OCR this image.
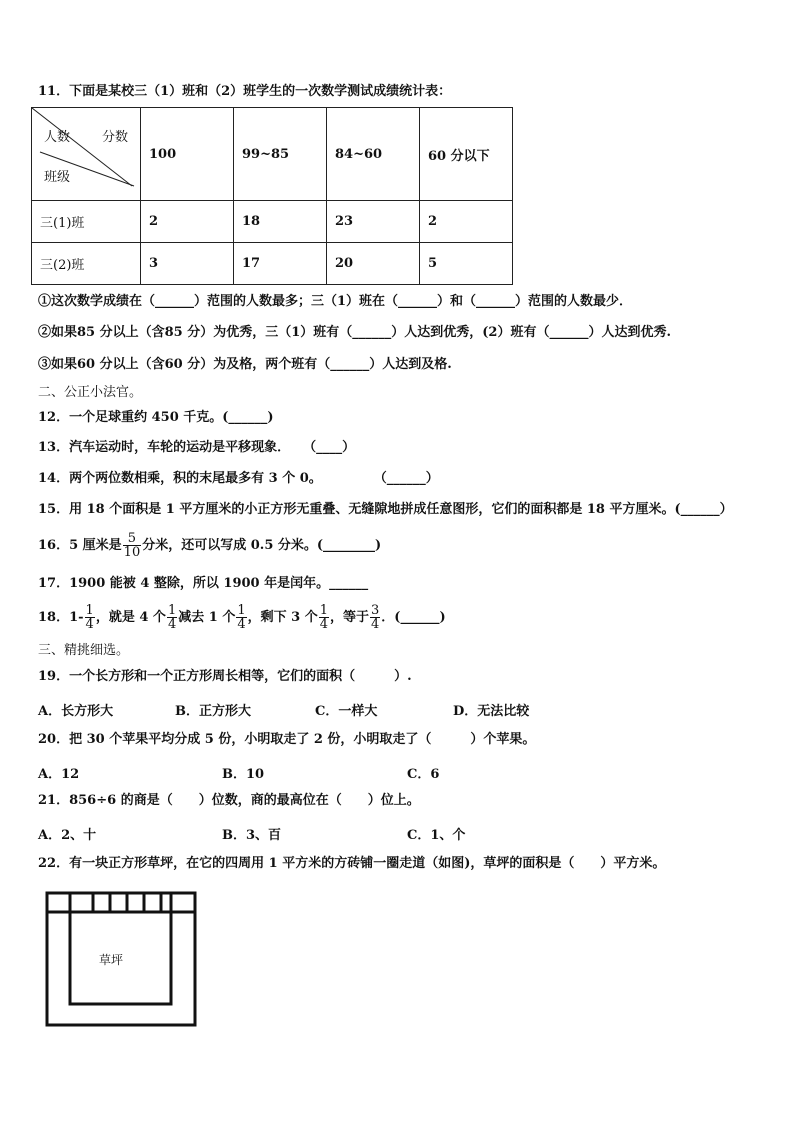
11．下面是某校三（1）班和（2）班学生的一次数学测试成绩统计表：
人数 分数
班级	100	99~85	84~60	60 分以下
三(1)班	2	18	23	2
三(2)班	3	17	20	5
①这次数学成绩在（______）范围的人数最多；三（1）班在（______）和（______）范围的人数最少．
②如果85 分以上（含85 分）为优秀，三（1）班有（______）人达到优秀，(2）班有（______）人达到优秀.
③如果60 分以上（含60 分）为及格，两个班有（______）人达到及格.
二、公正小法官。
12．一个足球重约 450 千克。(______)
13．汽车运动时，车轮的运动是平移现象．　　（____）
14．两个两位数相乘，积的末尾最多有 3 个 0。　　　　　（______）
15．用 18 个面积是 1 平方厘米的小正方形无重叠、无缝隙地拼成任意图形，它们的面积都是 18 平方厘米。(______）
16．5 厘米是 $\frac{5}{10}$ 分米，还可以写成 0.5 分米。(________)
17．1900 能被 4 整除，所以 1900 年是闰年。______
18．$1- \frac{1}{4}$ ，就是 4 个 $\frac{1}{4}$ 减去 1 个 $\frac{1}{4}$ ，剩下 3 个 $\frac{1}{4}$ ，等于 $\frac{3}{4}$ ．(______)
三、精挑细选。
19．一个长方形和一个正方形周长相等，它们的面积（　　　）.
A．长方形大	B．正方形大	C．一样大	D．无法比较
20．把 30 个苹果平均分成 5 份，小明取走了 2 份，小明取走了（　　　）个苹果。
A．12	B．10	C．6
21．856÷6 的商是（　　）位数，商的最高位在（　　）位上。
A．2、十	B．3、百	C．1、个
22．有一块正方形草坪，在它的四周用 1 平方米的方砖铺一圈走道（如图)，草坪的面积是（　　）平方米。
草坪
